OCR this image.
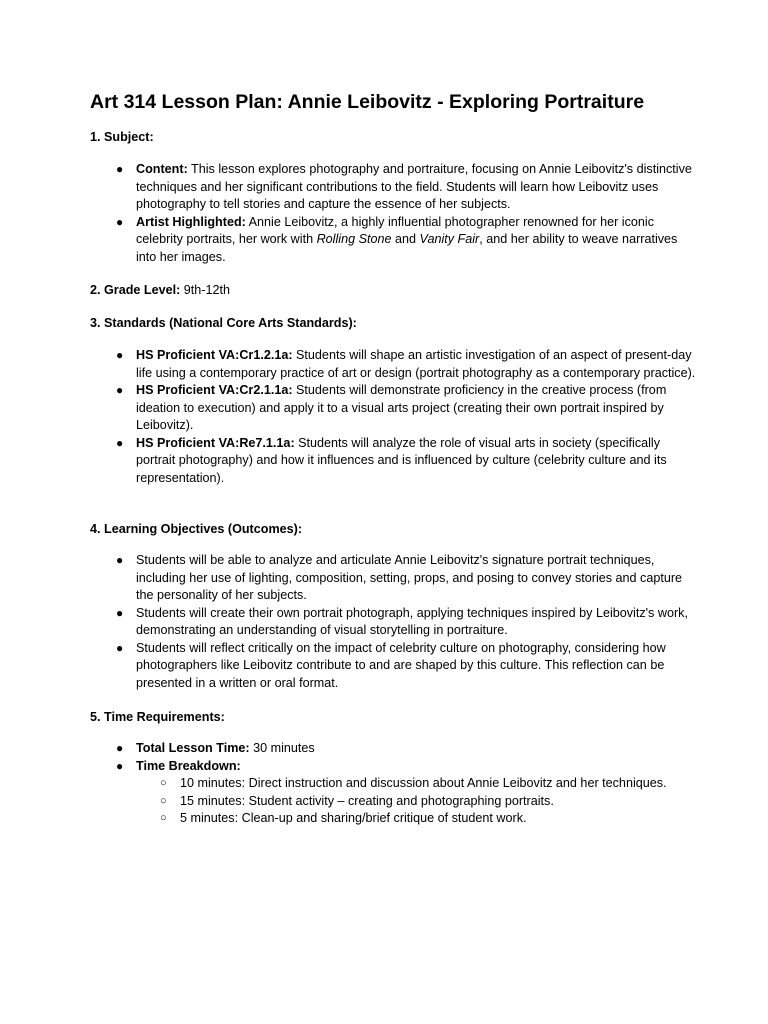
Art 314 Lesson Plan: Annie Leibovitz - Exploring Portraiture

1. Subject:

● Content: This lesson explores photography and portraiture, focusing on Annie Leibovitz's distinctive techniques and her significant contributions to the field. Students will learn how Leibovitz uses photography to tell stories and capture the essence of her subjects.
● Artist Highlighted: Annie Leibovitz, a highly influential photographer renowned for her iconic celebrity portraits, her work with Rolling Stone and Vanity Fair, and her ability to weave narratives into her images.

2. Grade Level: 9th-12th

3. Standards (National Core Arts Standards):

● HS Proficient VA:Cr1.2.1a: Students will shape an artistic investigation of an aspect of present-day life using a contemporary practice of art or design (portrait photography as a contemporary practice).
● HS Proficient VA:Cr2.1.1a: Students will demonstrate proficiency in the creative process (from ideation to execution) and apply it to a visual arts project (creating their own portrait inspired by Leibovitz).
● HS Proficient VA:Re7.1.1a: Students will analyze the role of visual arts in society (specifically portrait photography) and how it influences and is influenced by culture (celebrity culture and its representation).

4. Learning Objectives (Outcomes):

● Students will be able to analyze and articulate Annie Leibovitz's signature portrait techniques, including her use of lighting, composition, setting, props, and posing to convey stories and capture the personality of her subjects.
● Students will create their own portrait photograph, applying techniques inspired by Leibovitz's work, demonstrating an understanding of visual storytelling in portraiture.
● Students will reflect critically on the impact of celebrity culture on photography, considering how photographers like Leibovitz contribute to and are shaped by this culture. This reflection can be presented in a written or oral format.

5. Time Requirements:

● Total Lesson Time: 30 minutes
● Time Breakdown:
○ 10 minutes: Direct instruction and discussion about Annie Leibovitz and her techniques.
○ 15 minutes: Student activity – creating and photographing portraits.
○ 5 minutes: Clean-up and sharing/brief critique of student work.
